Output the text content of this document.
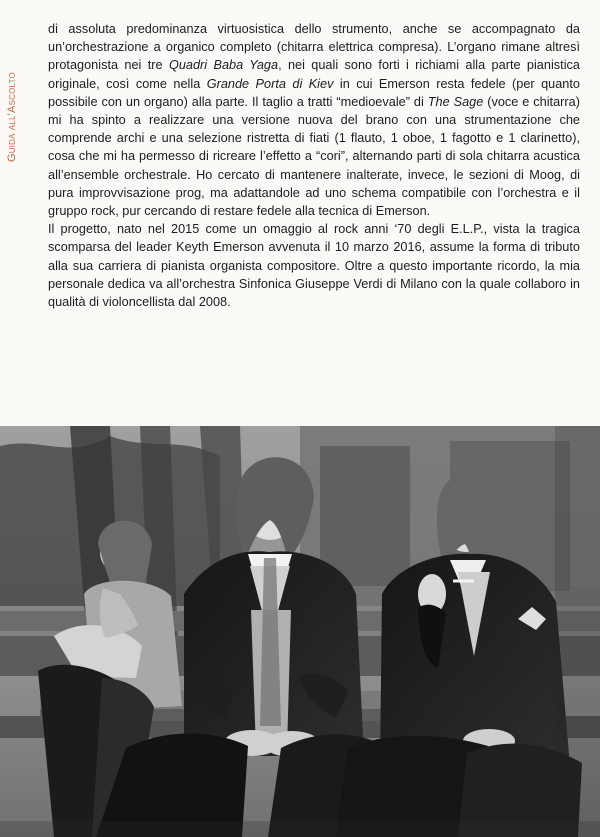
Guida all'Ascolto

di assoluta predominanza virtuosistica dello strumento, anche se accompagnato da un’orchestrazione a organico completo (chitarra elettrica compresa). L’organo rimane altresì protagonista nei tre Quadri Baba Yaga, nei quali sono forti i richiami alla parte pianistica originale, così come nella Grande Porta di Kiev in cui Emerson resta fedele (per quanto possibile con un organo) alla parte. Il taglio a tratti “medioevale” di The Sage (voce e chitarra) mi ha spinto a realizzare una versione nuova del brano con una strumentazione che comprende archi e una selezione ristretta di fiati (1 flauto, 1 oboe, 1 fagotto e 1 clarinetto), cosa che mi ha permesso di ricreare l’effetto a “cori”, alternando parti di sola chitarra acustica all’ensemble orchestrale. Ho cercato di mantenere inalterate, invece, le sezioni di Moog, di pura improvvisazione prog, ma adattandole ad uno schema compatibile con l’orchestra e il gruppo rock, pur cercando di restare fedele alla tecnica di Emerson.

Il progetto, nato nel 2015 come un omaggio al rock anni ‘70 degli E.L.P., vista la tragica scomparsa del leader Keyth Emerson avvenuta il 10 marzo 2016, assume la forma di tributo alla sua carriera di pianista organista compositore. Oltre a questo importante ricordo, la mia personale dedica va all’orchestra Sinfonica Giuseppe Verdi di Milano con la quale collaboro in qualità di violoncellista dal 2008.
